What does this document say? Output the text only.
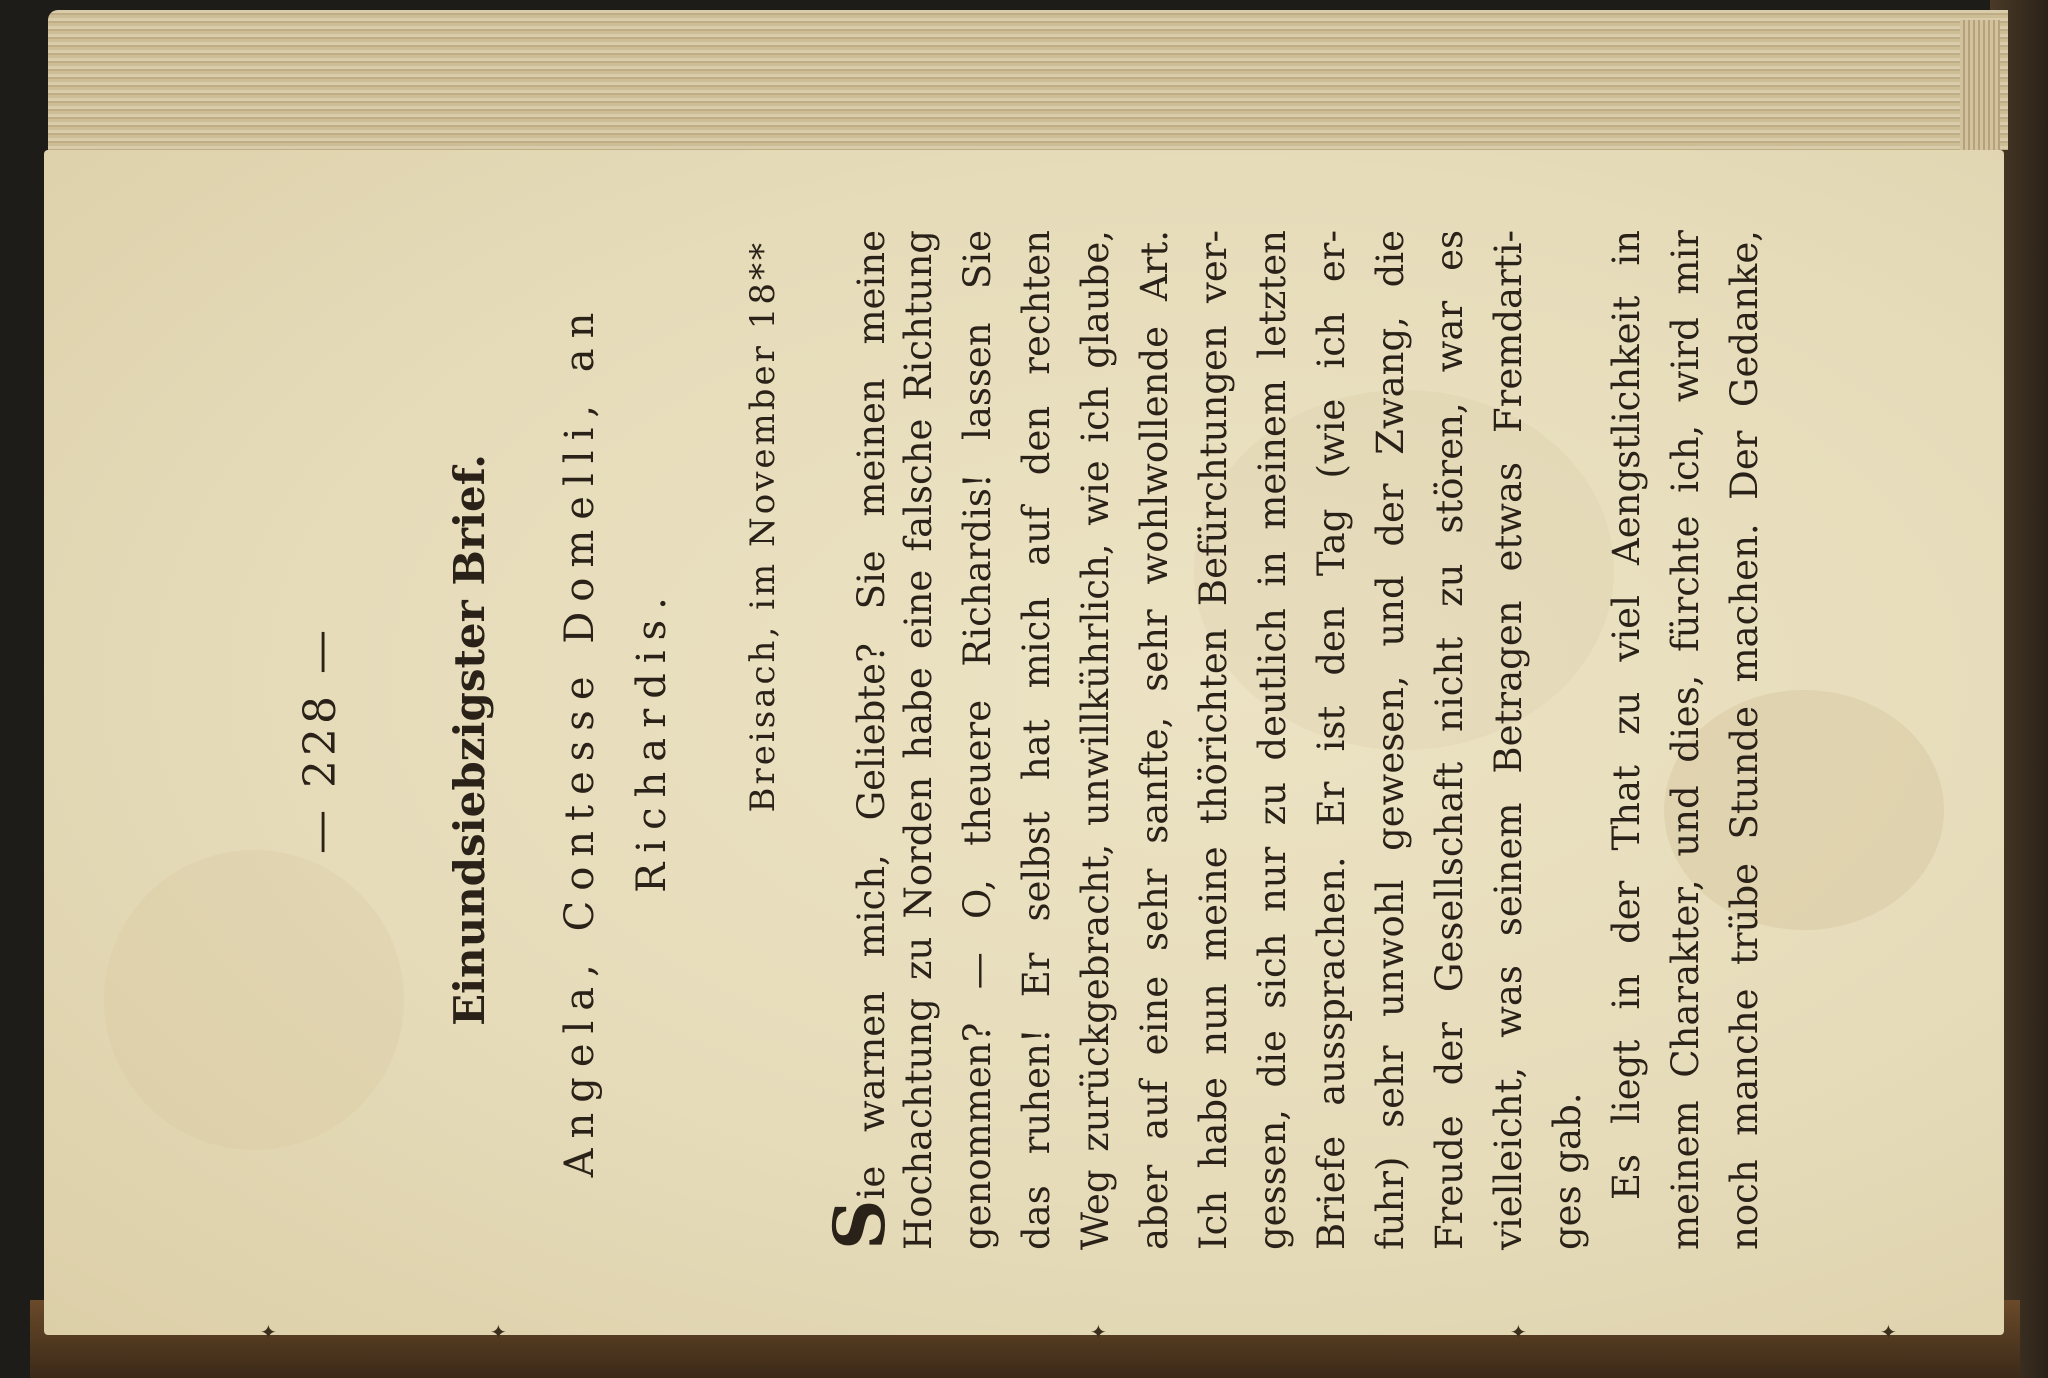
✦	✦	✦	✦	✦
— 228 — Einundsiebzigster Brief. Angela, Contesse Domelli, an Richardis. Breisach, im November 18**
Sie warnen mich, Geliebte? Sie meinen meine Hochachtung zu Norden habe eine falsche Richtung genommen? — O, theuere Richardis! lassen Sie das ruhen! Er selbst hat mich auf den rechten Weg zurückgebracht, unwillkührlich, wie ich glaube, aber auf eine sehr sanfte, sehr wohlwollende Art. Ich habe nun meine thörichten Befürchtungen ver- gessen, die sich nur zu deutlich in meinem letzten Briefe aussprachen. Er ist den Tag (wie ich er- fuhr) sehr unwohl gewesen, und der Zwang, die Freude der Gesellschaft nicht zu stören, war es vielleicht, was seinem Betragen etwas Fremdarti- ges gab. Es liegt in der That zu viel Aengstlichkeit in meinem Charakter, und dies, fürchte ich, wird mir noch manche trübe Stunde machen. Der Gedanke,
